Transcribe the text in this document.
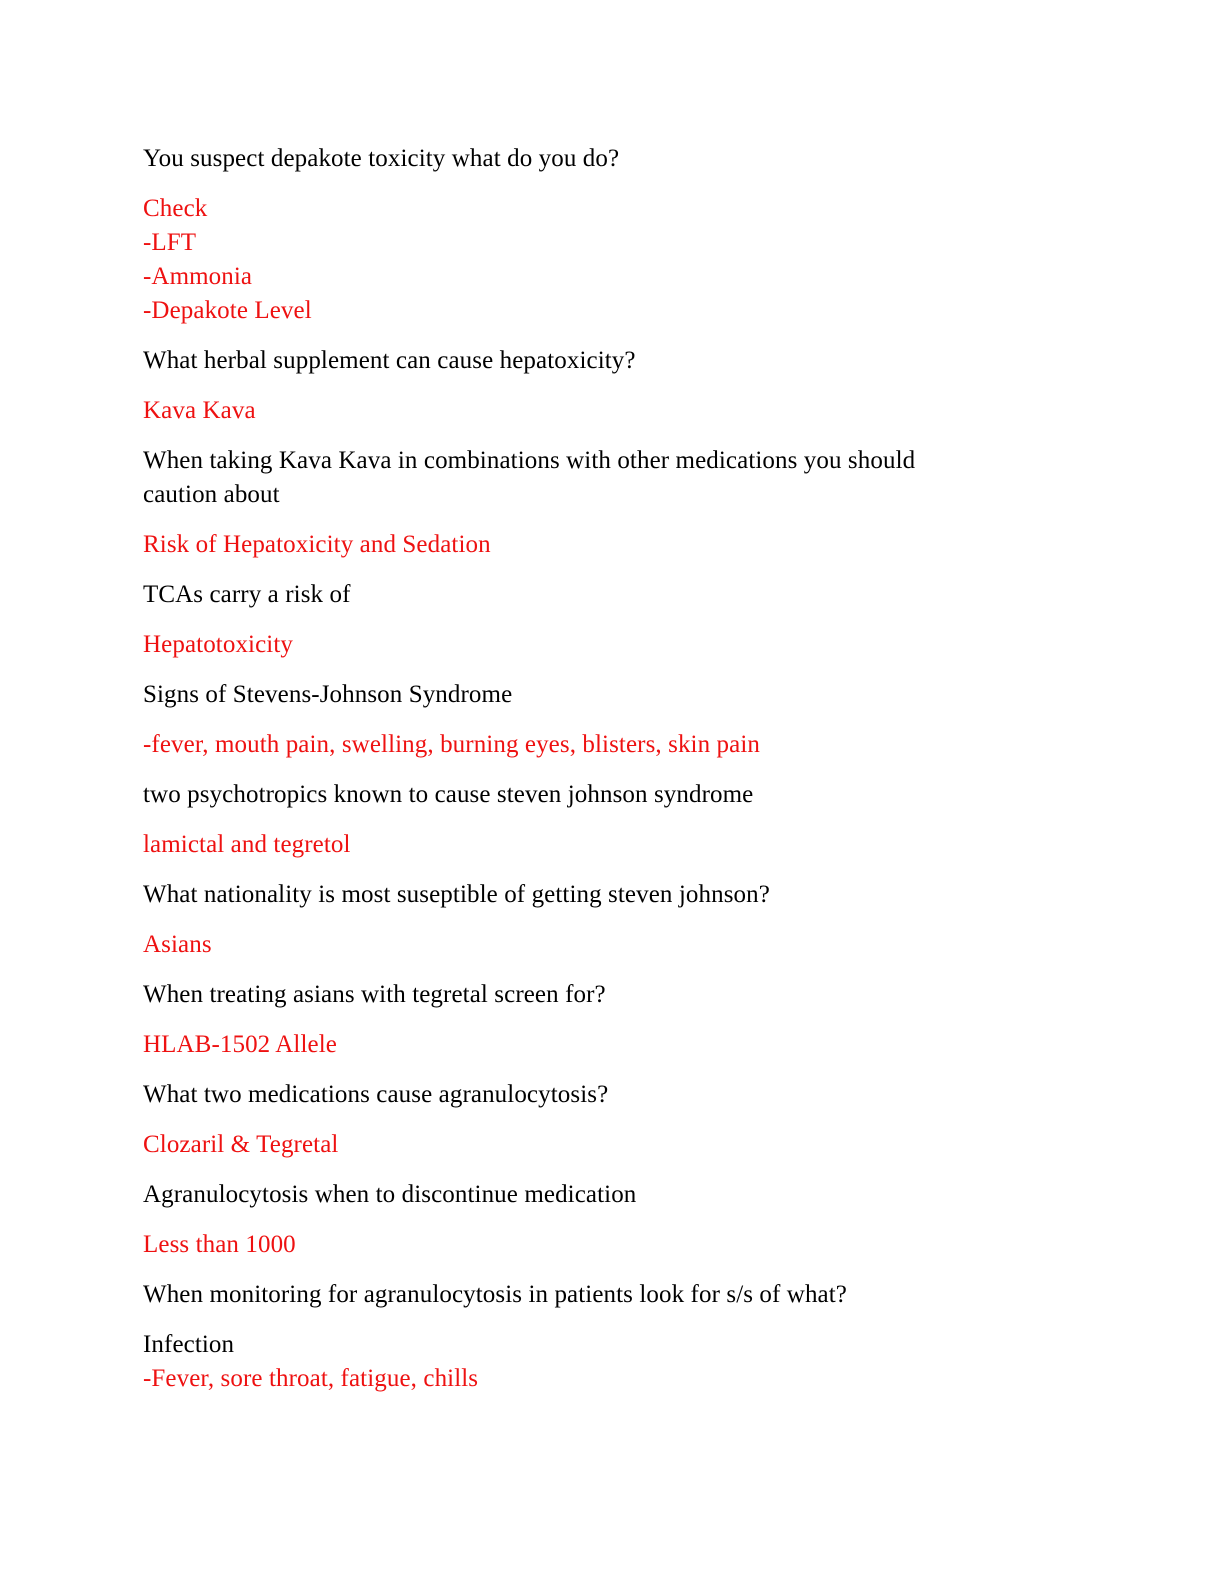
You suspect depakote toxicity what do you do?

Check
-LFT
-Ammonia
-Depakote Level

What herbal supplement can cause hepatoxicity?

Kava Kava

When taking Kava Kava in combinations with other medications you should
caution about

Risk of Hepatoxicity and Sedation

TCAs carry a risk of

Hepatotoxicity

Signs of Stevens-Johnson Syndrome

-fever, mouth pain, swelling, burning eyes, blisters, skin pain

two psychotropics known to cause steven johnson syndrome

lamictal and tegretol

What nationality is most suseptible of getting steven johnson?

Asians

When treating asians with tegretal screen for?

HLAB-1502 Allele

What two medications cause agranulocytosis?

Clozaril & Tegretal

Agranulocytosis when to discontinue medication

Less than 1000

When monitoring for agranulocytosis in patients look for s/s of what?

Infection
-Fever, sore throat, fatigue, chills
